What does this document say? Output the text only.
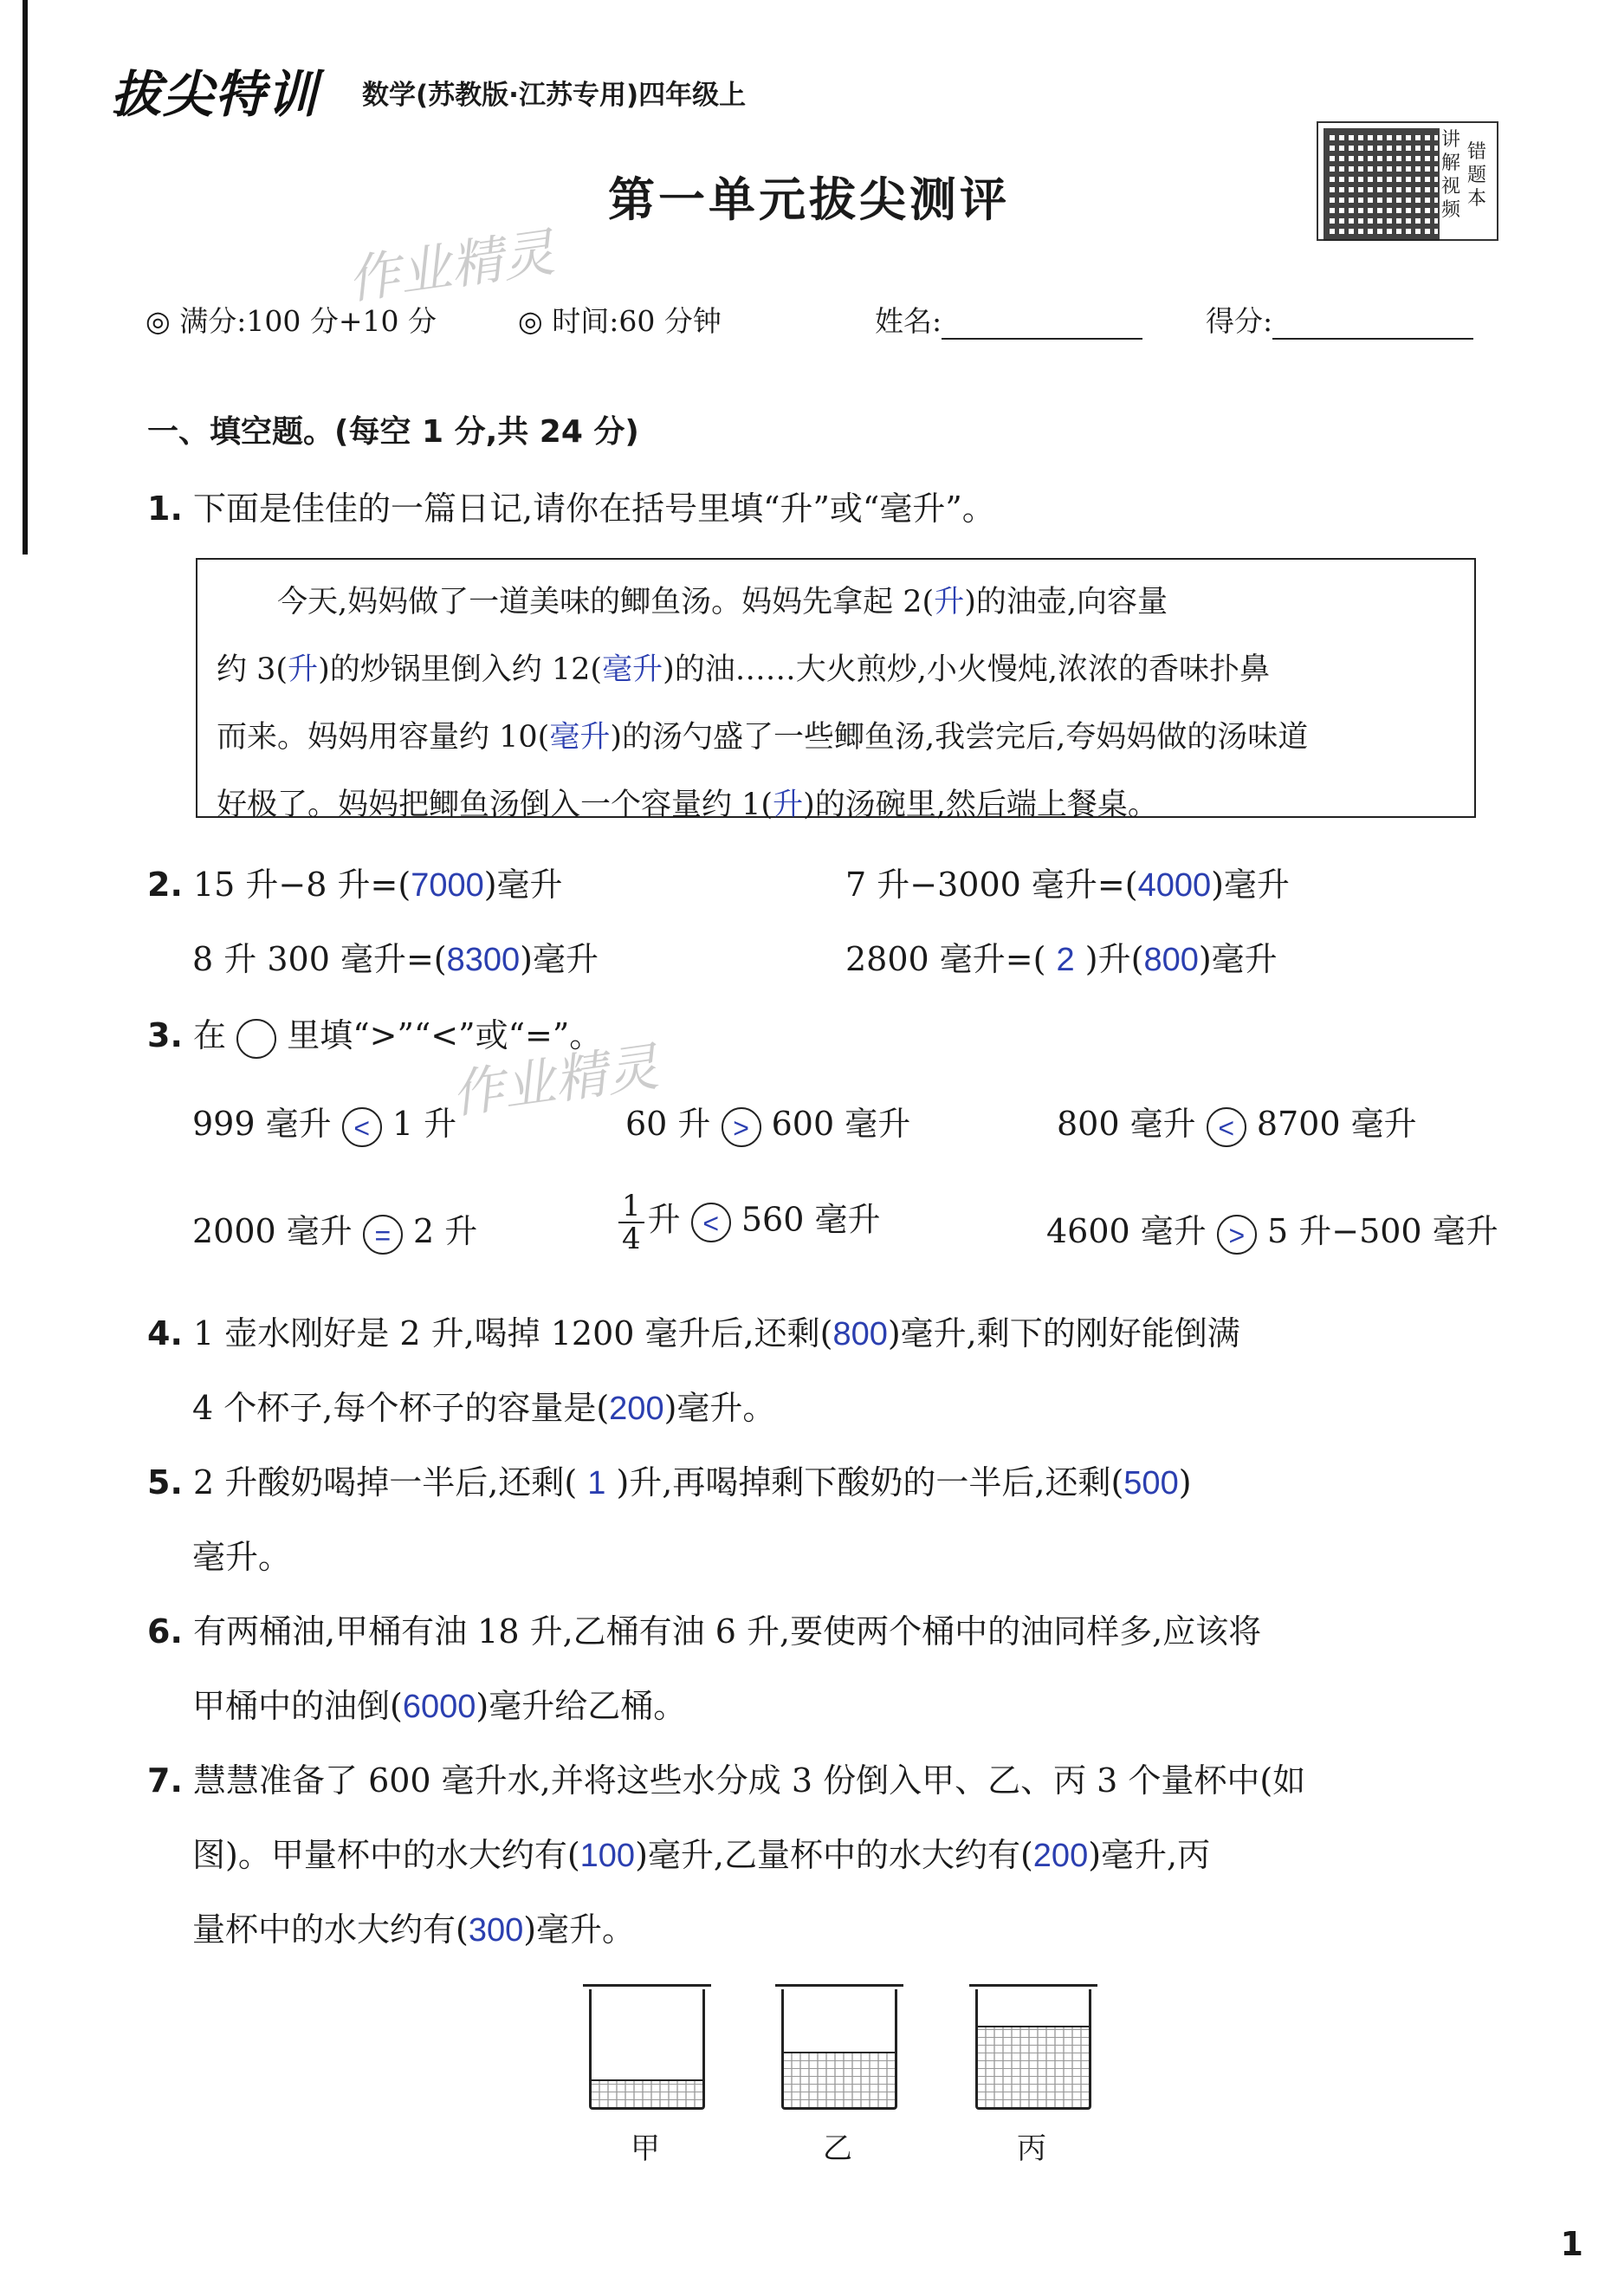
拔尖特训 数学(苏教版·江苏专用)四年级上
讲解视频
错题本
第一单元拔尖测评
作业精灵
作业精灵
◎ 满分:100 分+10 分	◎ 时间:60 分钟	姓名:	得分:
一、填空题。(每空 1 分,共 24 分)
1. 下面是佳佳的一篇日记,请你在括号里填“升”或“毫升”。
　　今天,妈妈做了一道美味的鲫鱼汤。妈妈先拿起 2(升)的油壶,向容量
约 3(升)的炒锅里倒入约 12(毫升)的油……大火煎炒,小火慢炖,浓浓的香味扑鼻
而来。妈妈用容量约 10(毫升)的汤勺盛了一些鲫鱼汤,我尝完后,夸妈妈做的汤味道
好极了。妈妈把鲫鱼汤倒入一个容量约 1(升)的汤碗里,然后端上餐桌。
2. 15 升−8 升=(7000)毫升	7 升−3000 毫升=(4000)毫升
8 升 300 毫升=(8300)毫升	2800 毫升=( 2 )升(800)毫升
3. 在 里填“>”“<”或“=”。
999 毫升 < 1 升	60 升 > 600 毫升	800 毫升 < 8700 毫升
2000 毫升 = 2 升	$\frac{1}{4}$ 升 < 560 毫升	4600 毫升 > 5 升−500 毫升
4. 1 壶水刚好是 2 升,喝掉 1200 毫升后,还剩(800)毫升,剩下的刚好能倒满
4 个杯子,每个杯子的容量是(200)毫升。
5. 2 升酸奶喝掉一半后,还剩( 1 )升,再喝掉剩下酸奶的一半后,还剩(500)
毫升。
6. 有两桶油,甲桶有油 18 升,乙桶有油 6 升,要使两个桶中的油同样多,应该将
甲桶中的油倒(6000)毫升给乙桶。
7. 慧慧准备了 600 毫升水,并将这些水分成 3 份倒入甲、乙、丙 3 个量杯中(如
图)。甲量杯中的水大约有(100)毫升,乙量杯中的水大约有(200)毫升,丙
量杯中的水大约有(300)毫升。
甲	乙	丙
1
